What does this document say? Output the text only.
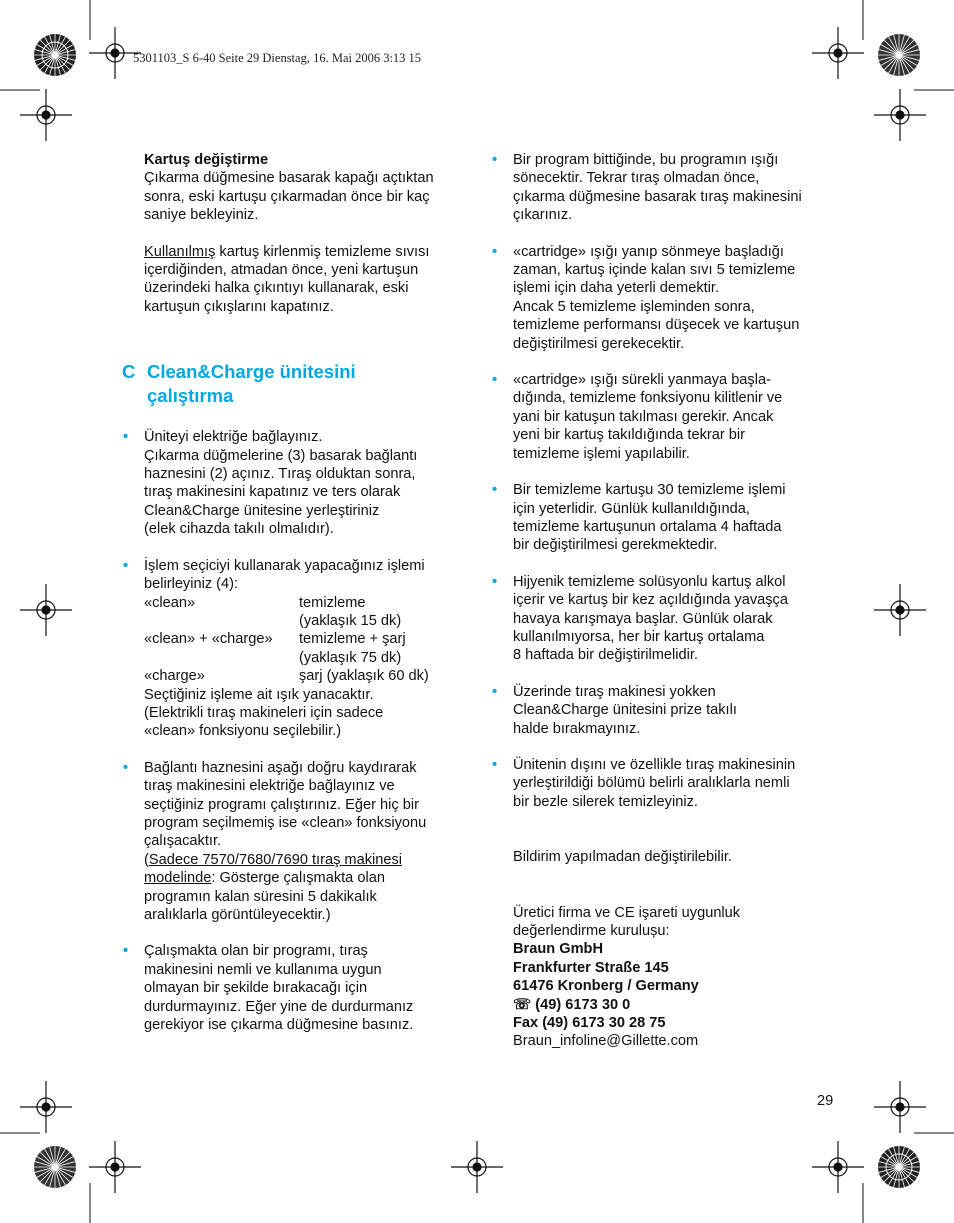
5301103_S 6-40 Seite 29 Dienstag, 16. Mai 2006 3:13 15

Kartuş değiştirme

Çıkarma düğmesine basarak kapağı açtıktan

sonra, eski kartuşu çıkarmadan önce bir kaç

saniye bekleyiniz.

Kullanılmış kartuş kirlenmiş temizleme sıvısı

içerdiğinden, atmadan önce, yeni kartuşun

üzerindeki halka çıkıntıyı kullanarak, eski

kartuşun çıkışlarını kapatınız.

C Clean&Charge ünitesini
çalıştırma
• Üniteyi elektriğe bağlayınız.

Çıkarma düğmelerine (3) basarak bağlantı

haznesini (2) açınız. Tıraş olduktan sonra,

tıraş makinesini kapatınız ve ters olarak

Clean&Charge ünitesine yerleştiriniz

(elek cihazda takılı olmalıdır).

• İşlem seçiciyi kullanarak yapacağınız işlemi

belirleyiniz (4):

«clean»	temizleme
(yaklaşık 15 dk)
«clean» + «charge»	temizleme + şarj
(yaklaşık 75 dk)
«charge»	şarj (yaklaşık 60 dk)

Seçtiğiniz işleme ait ışık yanacaktır.

(Elektrikli tıraş makineleri için sadece

«clean» fonksiyonu seçilebilir.)

• Bağlantı haznesini aşağı doğru kaydırarak

tıraş makinesini elektriğe bağlayınız ve

seçtiğiniz programı çalıştırınız. Eğer hiç bir

program seçilmemiş ise «clean» fonksiyonu

çalışacaktır.

(Sadece 7570/7680/7690 tıraş makinesi

modelinde: Gösterge çalışmakta olan

programın kalan süresini 5 dakikalık

aralıklarla görüntüleyecektir.)

• Çalışmakta olan bir programı, tıraş

makinesini nemli ve kullanıma uygun

olmayan bir şekilde bırakacağı için

durdurmayınız. Eğer yine de durdurmanız

gerekiyor ise çıkarma düğmesine basınız.

• Bir program bittiğinde, bu programın ışığı

sönecektir. Tekrar tıraş olmadan önce,

çıkarma düğmesine basarak tıraş makinesini

çıkarınız.

• «cartridge» ışığı yanıp sönmeye başladığı

zaman, kartuş içinde kalan sıvı 5 temizleme

işlemi için daha yeterli demektir.

Ancak 5 temizleme işleminden sonra,

temizleme performansı düşecek ve kartuşun

değiştirilmesi gerekecektir.

• «cartridge» ışığı sürekli yanmaya başla-

dığında, temizleme fonksiyonu kilitlenir ve

yani bir katuşun takılması gerekir. Ancak

yeni bir kartuş takıldığında tekrar bir

temizleme işlemi yapılabilir.

• Bir temizleme kartuşu 30 temizleme işlemi

için yeterlidir. Günlük kullanıldığında,

temizleme kartuşunun ortalama 4 haftada

bir değiştirilmesi gerekmektedir.

• Hijyenik temizleme solüsyonlu kartuş alkol

içerir ve kartuş bir kez açıldığında yavaşça

havaya karışmaya başlar. Günlük olarak

kullanılmıyorsa, her bir kartuş ortalama

8 haftada bir değiştirilmelidir.

• Üzerinde tıraş makinesi yokken

Clean&Charge ünitesini prize takılı

halde bırakmayınız.

• Ünitenin dışını ve özellikle tıraş makinesinin

yerleştirildiği bölümü belirli aralıklarla nemli

bir bezle silerek temizleyiniz.

Bildirim yapılmadan değiştirilebilir.

Üretici firma ve CE işareti uygunluk

değerlendirme kurulușu:

Braun GmbH

Frankfurter Straße 145

61476 Kronberg / Germany

☏ (49) 6173 30 0

Fax (49) 6173 30 28 75

Braun_infoline@Gillette.com

29
